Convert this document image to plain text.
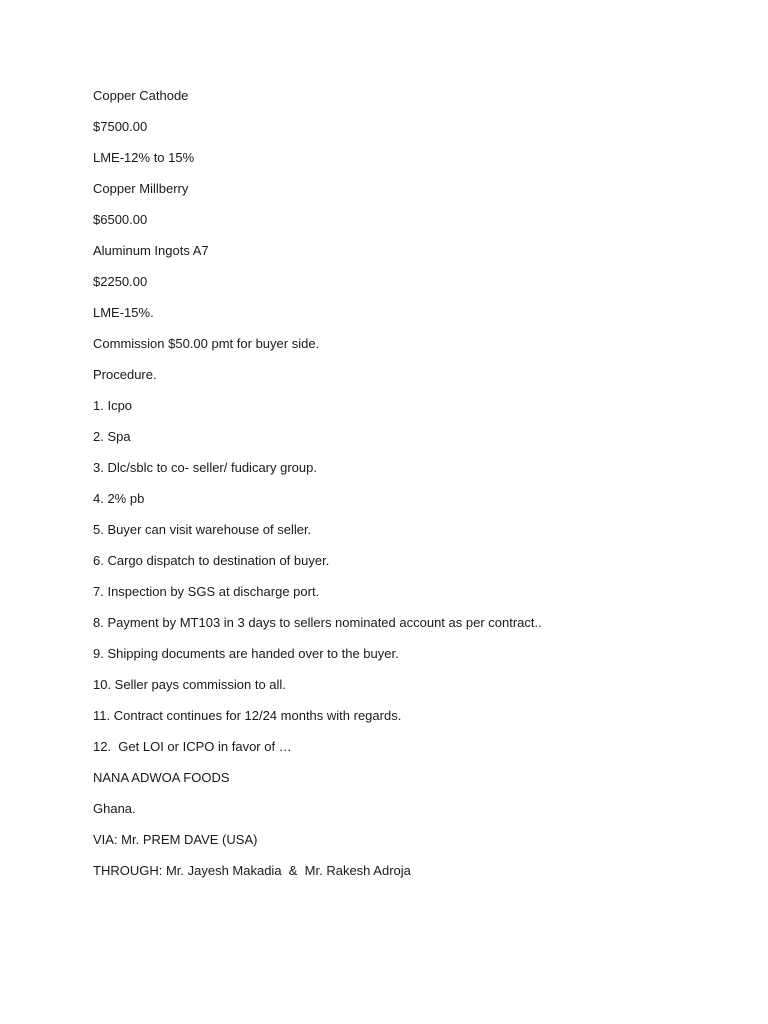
Copper Cathode

$7500.00

LME-12% to 15%

Copper Millberry

$6500.00

Aluminum Ingots A7

$2250.00

LME-15%.

Commission $50.00 pmt for buyer side.

Procedure.

1. Icpo

2. Spa

3. Dlc/sblc to co- seller/ fudicary group.

4. 2% pb

5. Buyer can visit warehouse of seller.

6. Cargo dispatch to destination of buyer.

7. Inspection by SGS at discharge port.

8. Payment by MT103 in 3 days to sellers nominated account as per contract..

9. Shipping documents are handed over to the buyer.

10. Seller pays commission to all.

11. Contract continues for 12/24 months with regards.

12.  Get LOI or ICPO in favor of …

NANA ADWOA FOODS

Ghana.

VIA: Mr. PREM DAVE (USA)

THROUGH: Mr. Jayesh Makadia  &  Mr. Rakesh Adroja
